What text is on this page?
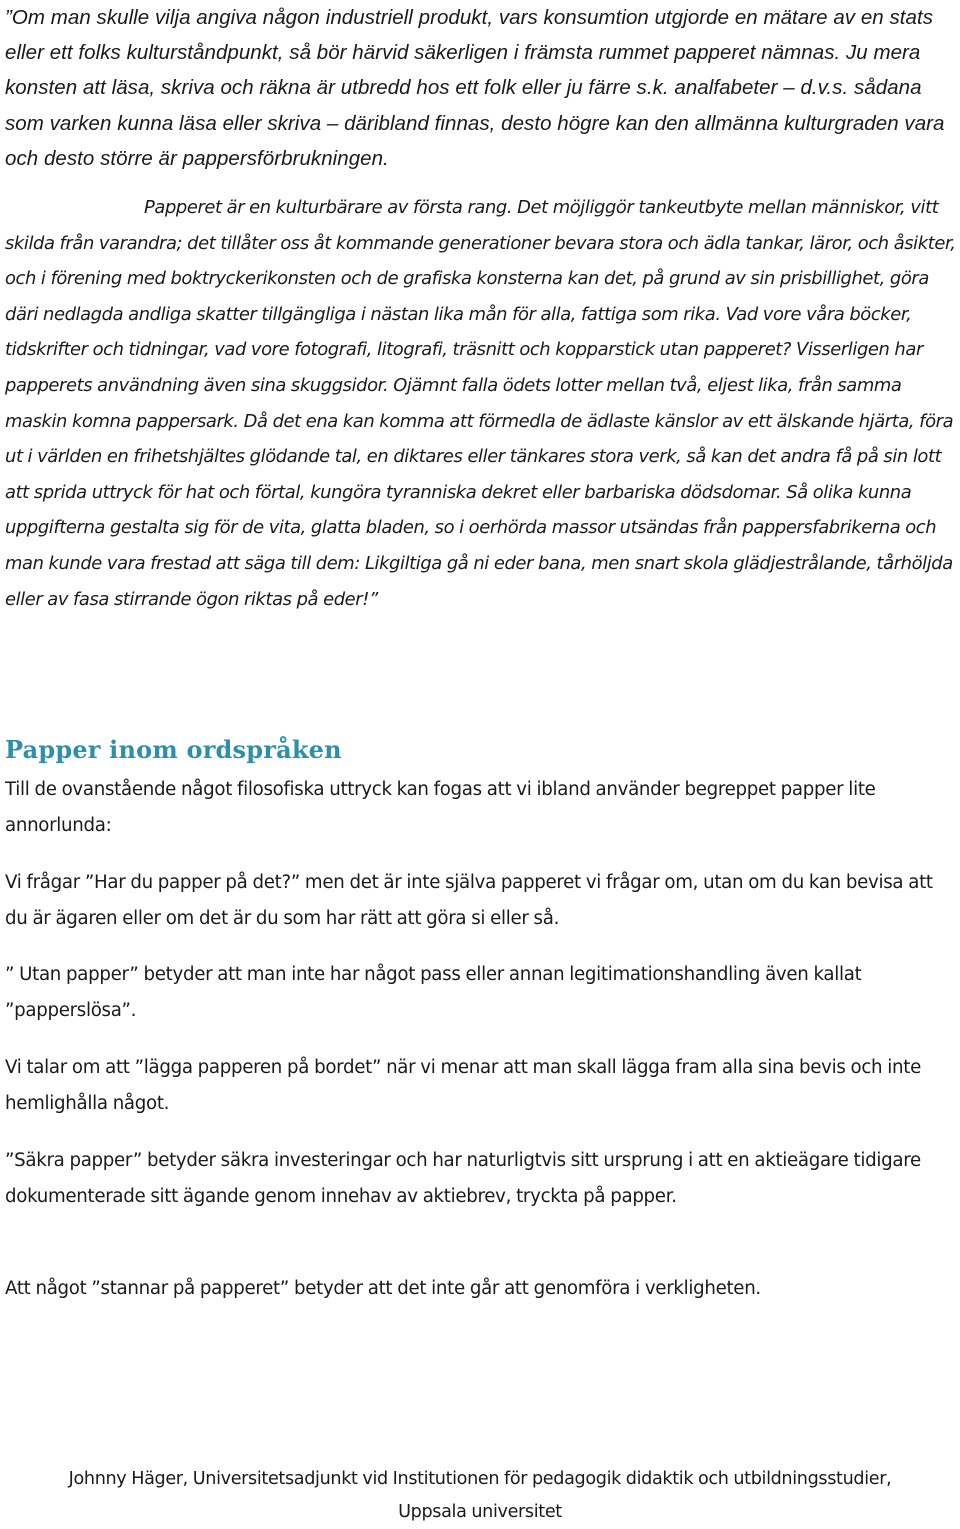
”Om man skulle vilja angiva någon industriell produkt, vars konsumtion utgjorde en mätare av en stats eller ett folks kulturståndpunkt, så bör härvid säkerligen i främsta rummet papperet nämnas. Ju mera konsten att läsa, skriva och räkna är utbredd hos ett folk eller ju färre s.k. analfabeter – d.v.s. sådana som varken kunna läsa eller skriva – däribland finnas, desto högre kan den allmänna kulturgraden vara och desto större är pappersförbrukningen.

Papperet är en kulturbärare av första rang. Det möjliggör tankeutbyte mellan människor, vitt skilda från varandra; det tillåter oss åt kommande generationer bevara stora och ädla tankar, läror, och åsikter, och i förening med boktryckerikonsten och de grafiska konsterna kan det, på grund av sin prisbillighet, göra däri nedlagda andliga skatter tillgängliga i nästan lika mån för alla, fattiga som rika. Vad vore våra böcker, tidskrifter och tidningar, vad vore fotografi, litografi, träsnitt och kopparstick utan papperet? Visserligen har papperets användning även sina skuggsidor. Ojämnt falla ödets lotter mellan två, eljest lika, från samma maskin komna pappersark. Då det ena kan komma att förmedla de ädlaste känslor av ett älskande hjärta, föra ut i världen en frihetshjältes glödande tal, en diktares eller tänkares stora verk, så kan det andra få på sin lott att sprida uttryck för hat och förtal, kungöra tyranniska dekret eller barbariska dödsdomar. Så olika kunna uppgifterna gestalta sig för de vita, glatta bladen, so i oerhörda massor utsändas från pappersfabrikerna och man kunde vara frestad att säga till dem: Likgiltiga gå ni eder bana, men snart skola glädjestrålande, tårhöljda eller av fasa stirrande ögon riktas på eder!”

Papper inom ordspråken

Till de ovanstående något filosofiska uttryck kan fogas att vi ibland använder begreppet papper lite annorlunda:

Vi frågar ”Har du papper på det?” men det är inte själva papperet vi frågar om, utan om du kan bevisa att du är ägaren eller om det är du som har rätt att göra si eller så.

” Utan papper” betyder att man inte har något pass eller annan legitimationshandling även kallat ”papperslösa”.

Vi talar om att ”lägga papperen på bordet” när vi menar att man skall lägga fram alla sina bevis och inte hemlighålla något.

”Säkra papper” betyder säkra investeringar och har naturligtvis sitt ursprung i att en aktieägare tidigare dokumenterade sitt ägande genom innehav av aktiebrev, tryckta på papper.

Att något ”stannar på papperet” betyder att det inte går att genomföra i verkligheten.

Johnny Häger, Universitetsadjunkt vid Institutionen för pedagogik didaktik och utbildningsstudier,
Uppsala universitet
